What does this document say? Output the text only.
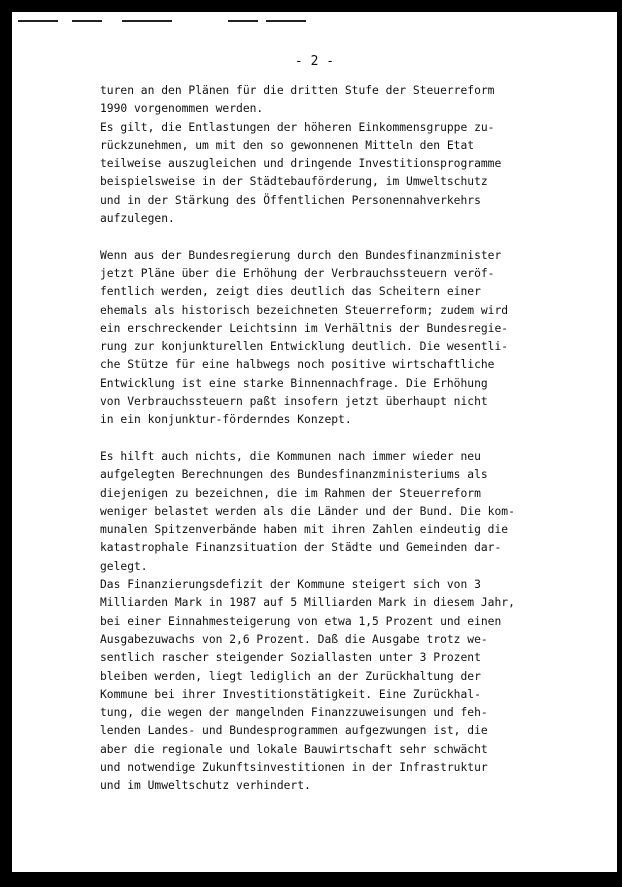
- 2 -
turen an den Plänen für die dritten Stufe der Steuerreform
1990 vorgenommen werden.
Es gilt, die Entlastungen der höheren Einkommensgruppe zu-
rückzunehmen, um mit den so gewonnenen Mitteln den Etat
teilweise auszugleichen und dringende Investitionsprogramme
beispielsweise in der Städtebauförderung, im Umweltschutz
und in der Stärkung des Öffentlichen Personennahverkehrs
aufzulegen.
Wenn aus der Bundesregierung durch den Bundesfinanzminister
jetzt Pläne über die Erhöhung der Verbrauchssteuern veröf-
fentlich werden, zeigt dies deutlich das Scheitern einer
ehemals als historisch bezeichneten Steuerreform; zudem wird
ein erschreckender Leichtsinn im Verhältnis der Bundesregie-
rung zur konjunkturellen Entwicklung deutlich. Die wesentli-
che Stütze für eine halbwegs noch positive wirtschaftliche
Entwicklung ist eine starke Binnennachfrage. Die Erhöhung
von Verbrauchssteuern paßt insofern jetzt überhaupt nicht
in ein konjunktur-förderndes Konzept.
Es hilft auch nichts, die Kommunen nach immer wieder neu
aufgelegten Berechnungen des Bundesfinanzministeriums als
diejenigen zu bezeichnen, die im Rahmen der Steuerreform
weniger belastet werden als die Länder und der Bund. Die kom-
munalen Spitzenverbände haben mit ihren Zahlen eindeutig die
katastrophale Finanzsituation der Städte und Gemeinden dar-
gelegt.
Das Finanzierungsdefizit der Kommune steigert sich von 3
Milliarden Mark in 1987 auf 5 Milliarden Mark in diesem Jahr,
bei einer Einnahmesteigerung von etwa 1,5 Prozent und einen
Ausgabezuwachs von 2,6 Prozent. Daß die Ausgabe trotz we-
sentlich rascher steigender Soziallasten unter 3 Prozent
bleiben werden, liegt lediglich an der Zurückhaltung der
Kommune bei ihrer Investitionstätigkeit. Eine Zurückhal-
tung, die wegen der mangelnden Finanzzuweisungen und feh-
lenden Landes- und Bundesprogrammen aufgezwungen ist, die
aber die regionale und lokale Bauwirtschaft sehr schwächt
und notwendige Zukunftsinvestitionen in der Infrastruktur
und im Umweltschutz verhindert.
